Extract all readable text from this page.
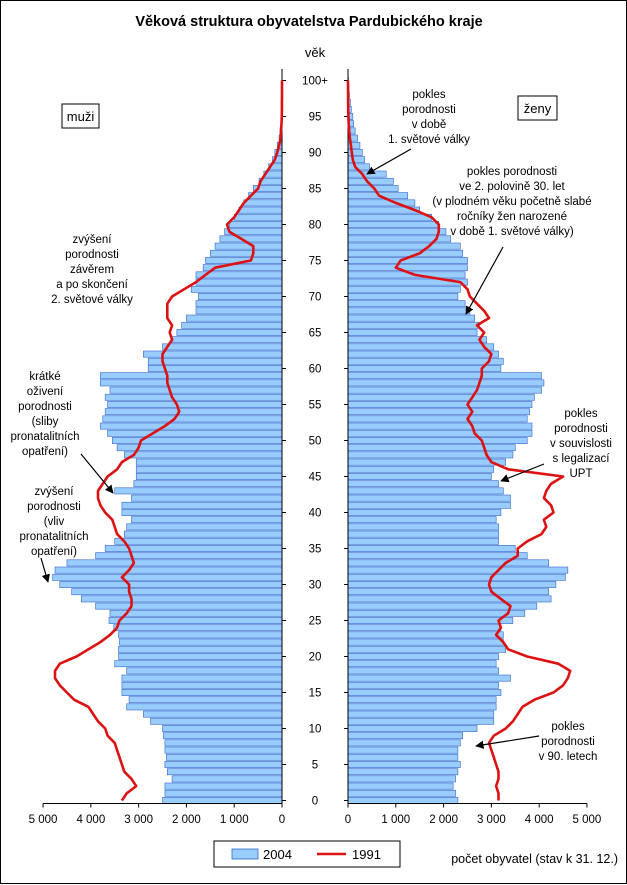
Věková struktura obyvatelstva Pardubického kraje
0
5
10
15
20
25
30
35
40
45
50
55
60
65
70
75
80
85
90
95
100+
věk
0	0
1 000	1 000
2 000	2 000
3 000	3 000
4 000	4 000
5 000	5 000
muži
ženy
počet obyvatel (stav k 31. 12.)
pokles
porodnosti
v době
1. světové války
pokles porodnosti
ve 2. polovině 30. let
(v plodném věku početně slabé
ročníky žen narozené
v době 1. světové války)
zvýšení
porodnosti
závěrem
a po skončení
2. světové války
krátké
oživení
porodnosti
(sliby
pronatalitních
opatření)
zvýšení
porodnosti
(vliv
pronatalitních
opatření)
pokles
porodnosti
v souvislosti
s legalizací
UPT
pokles
porodnosti
v 90. letech
2004	1991
